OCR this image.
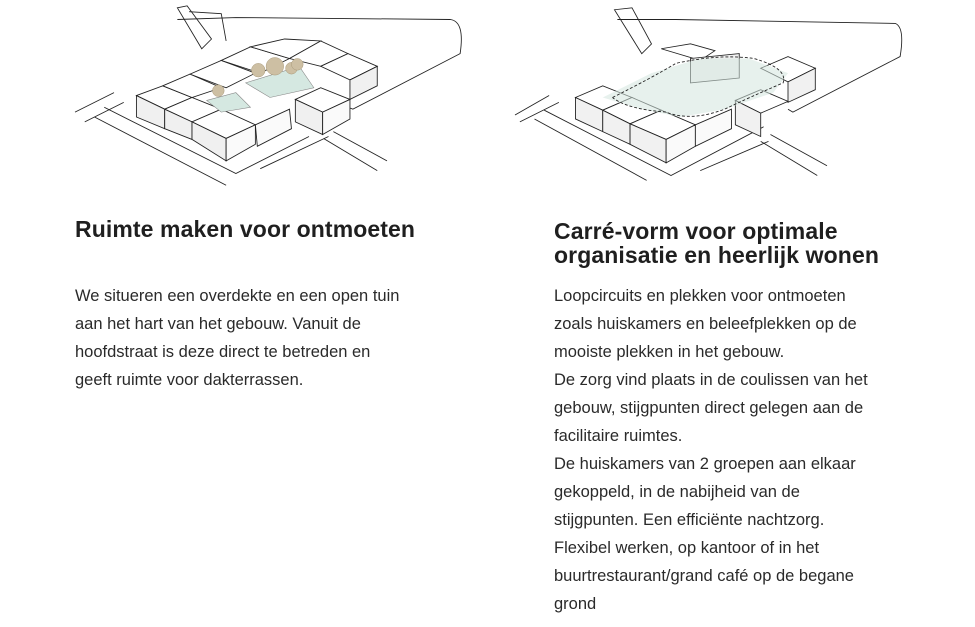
Ruimte maken voor ontmoeten

We situeren een overdekte en een open tuin

aan het hart van het gebouw. Vanuit de

hoofdstraat is deze direct te betreden en

geeft ruimte voor dakterrassen.

Carré-vorm voor optimale
organisatie en heerlijk wonen

Loopcircuits en plekken voor ontmoeten

zoals huiskamers en beleefplekken op de

mooiste plekken in het gebouw.

De zorg vind plaats in de coulissen van het

gebouw, stijgpunten direct gelegen aan de

facilitaire ruimtes.

De huiskamers van 2 groepen aan elkaar

gekoppeld, in de nabijheid van de

stijgpunten. Een efficiënte nachtzorg.

Flexibel werken, op kantoor of in het

buurtrestaurant/grand café op de begane

grond
